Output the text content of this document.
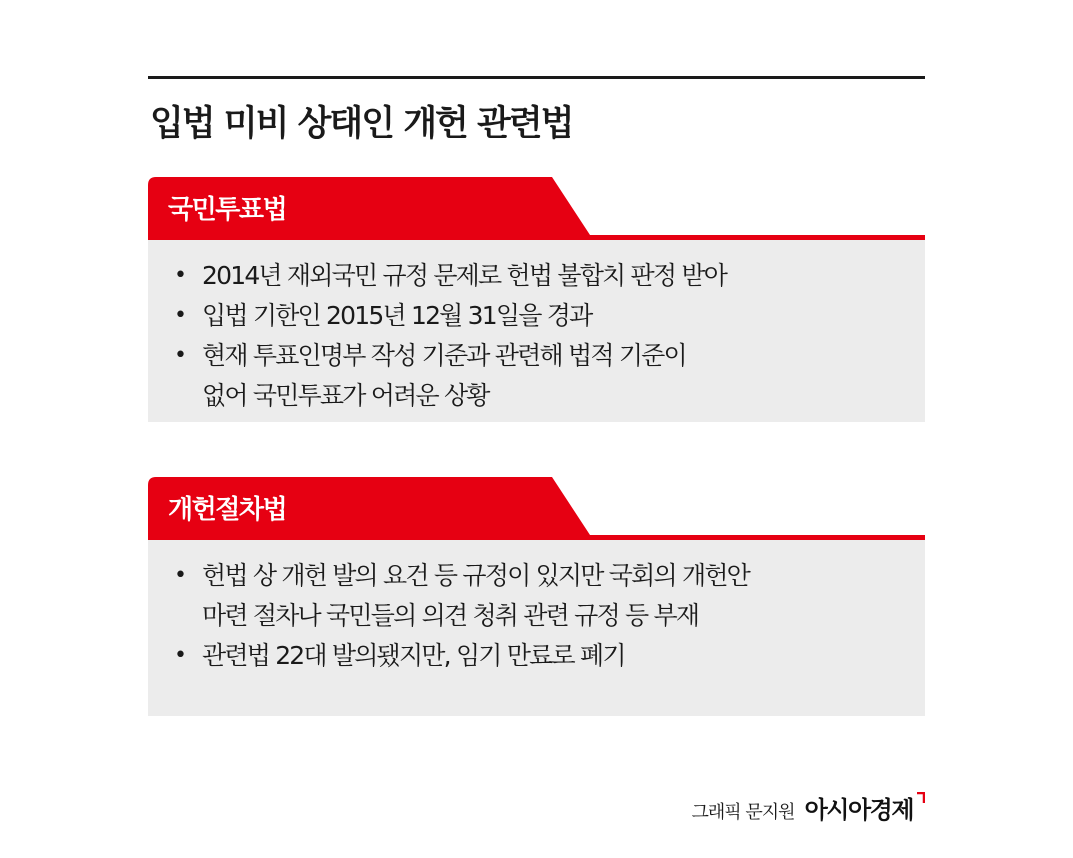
입법 미비 상태인 개헌 관련법
국민투표법
• 2014년 재외국민 규정 문제로 헌법 불합치 판정 받아
• 입법 기한인 2015년 12월 31일을 경과
• 현재 투표인명부 작성 기준과 관련해 법적 기준이
없어 국민투표가 어려운 상황
개헌절차법
• 헌법 상 개헌 발의 요건 등 규정이 있지만 국회의 개헌안
마련 절차나 국민들의 의견 청취 관련 규정 등 부재
• 관련법 22대 발의됐지만, 임기 만료로 폐기
그래픽 문지원 아시아경제
